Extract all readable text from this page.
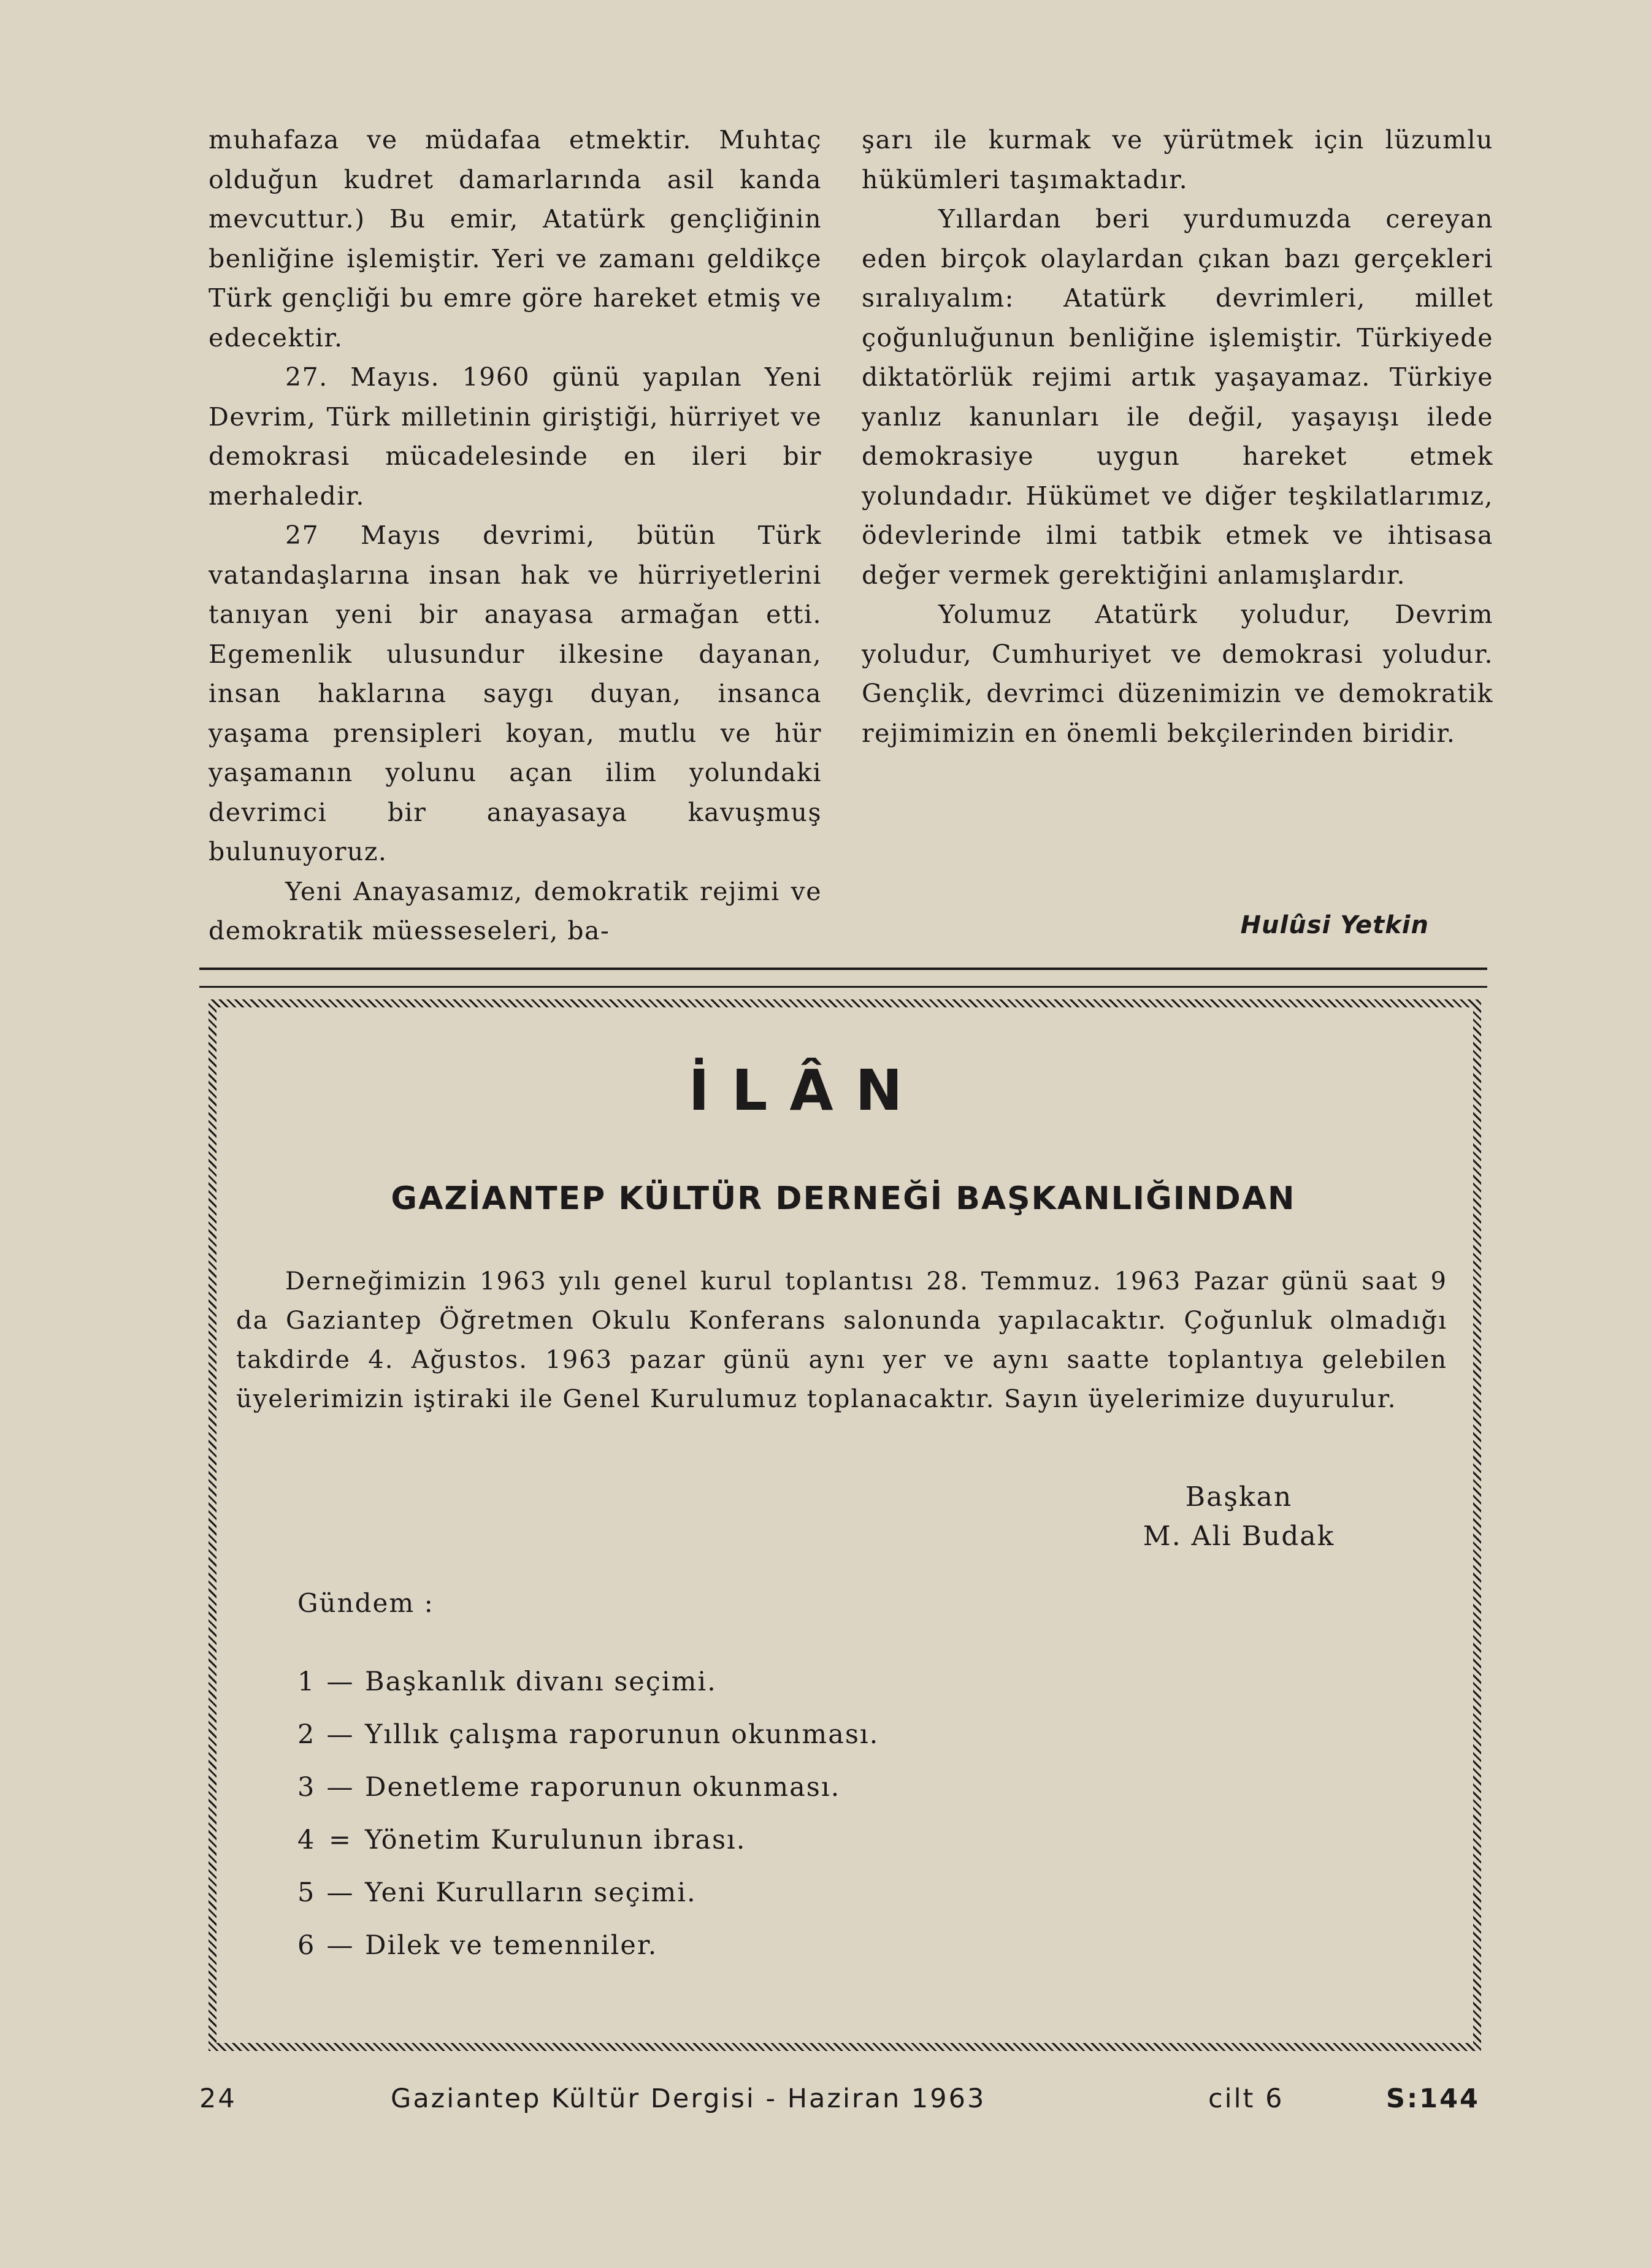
muhafaza ve müdafaa etmektir. Muhtaç olduğun kudret damarlarında asil kanda mevcuttur.) Bu emir, Atatürk gençliğinin benliğine işlemiştir. Yeri ve zamanı geldikçe Türk gençliği bu emre göre hareket etmiş ve edecektir.

27. Mayıs. 1960 günü yapılan Yeni Devrim, Türk milletinin giriştiği, hürriyet ve demokrasi mücadelesinde en ileri bir merhaledir.

27 Mayıs devrimi, bütün Türk vatandaşlarına insan hak ve hürriyetlerini tanıyan yeni bir anayasa armağan etti. Egemenlik ulusundur ilkesine dayanan, insan haklarına saygı duyan, insanca yaşama prensipleri koyan, mutlu ve hür yaşamanın yolunu açan ilim yolundaki devrimci bir anayasaya kavuşmuş bulunuyoruz.

Yeni Anayasamız, demokratik rejimi ve demokratik müesseseleri, ba-

şarı ile kurmak ve yürütmek için lüzumlu hükümleri taşımaktadır.

Yıllardan beri yurdumuzda cereyan eden birçok olaylardan çıkan bazı gerçekleri sıralıyalım: Atatürk devrimleri, millet çoğunluğunun benliğine işlemiştir. Türkiyede diktatörlük rejimi artık yaşayamaz. Türkiye yanlız kanunları ile değil, yaşayışı ilede demokrasiye uygun hareket etmek yolundadır. Hükümet ve diğer teşkilatlarımız, ödevlerinde ilmi tatbik etmek ve ihtisasa değer vermek gerektiğini anlamışlardır.

Yolumuz Atatürk yoludur, Devrim yoludur, Cumhuriyet ve demokrasi yoludur. Gençlik, devrimci düzenimizin ve demokratik rejimimizin en önemli bekçilerinden biridir.

Hulûsi Yetkin
İLÂN
GAZİANTEP KÜLTÜR DERNEĞİ BAŞKANLIĞINDAN

Derneğimizin 1963 yılı genel kurul toplantısı 28. Temmuz. 1963 Pazar günü saat 9 da Gaziantep Öğretmen Okulu Konferans salonunda yapılacaktır. Çoğunluk olmadığı takdirde 4. Ağustos. 1963 pazar günü aynı yer ve aynı saatte toplantıya gelebilen üyelerimizin iştiraki ile Genel Kurulumuz toplanacaktır. Sayın üyelerimize duyurulur.

Başkan
M. Ali Budak
Gündem :
1 — Başkanlık divanı seçimi.
2 — Yıllık çalışma raporunun okunması.
3 — Denetleme raporunun okunması.
4 = Yönetim Kurulunun ibrası.
5 — Yeni Kurulların seçimi.
6 — Dilek ve temenniler.
24	Gaziantep Kültür Dergisi - Haziran 1963	cilt 6	S:144
